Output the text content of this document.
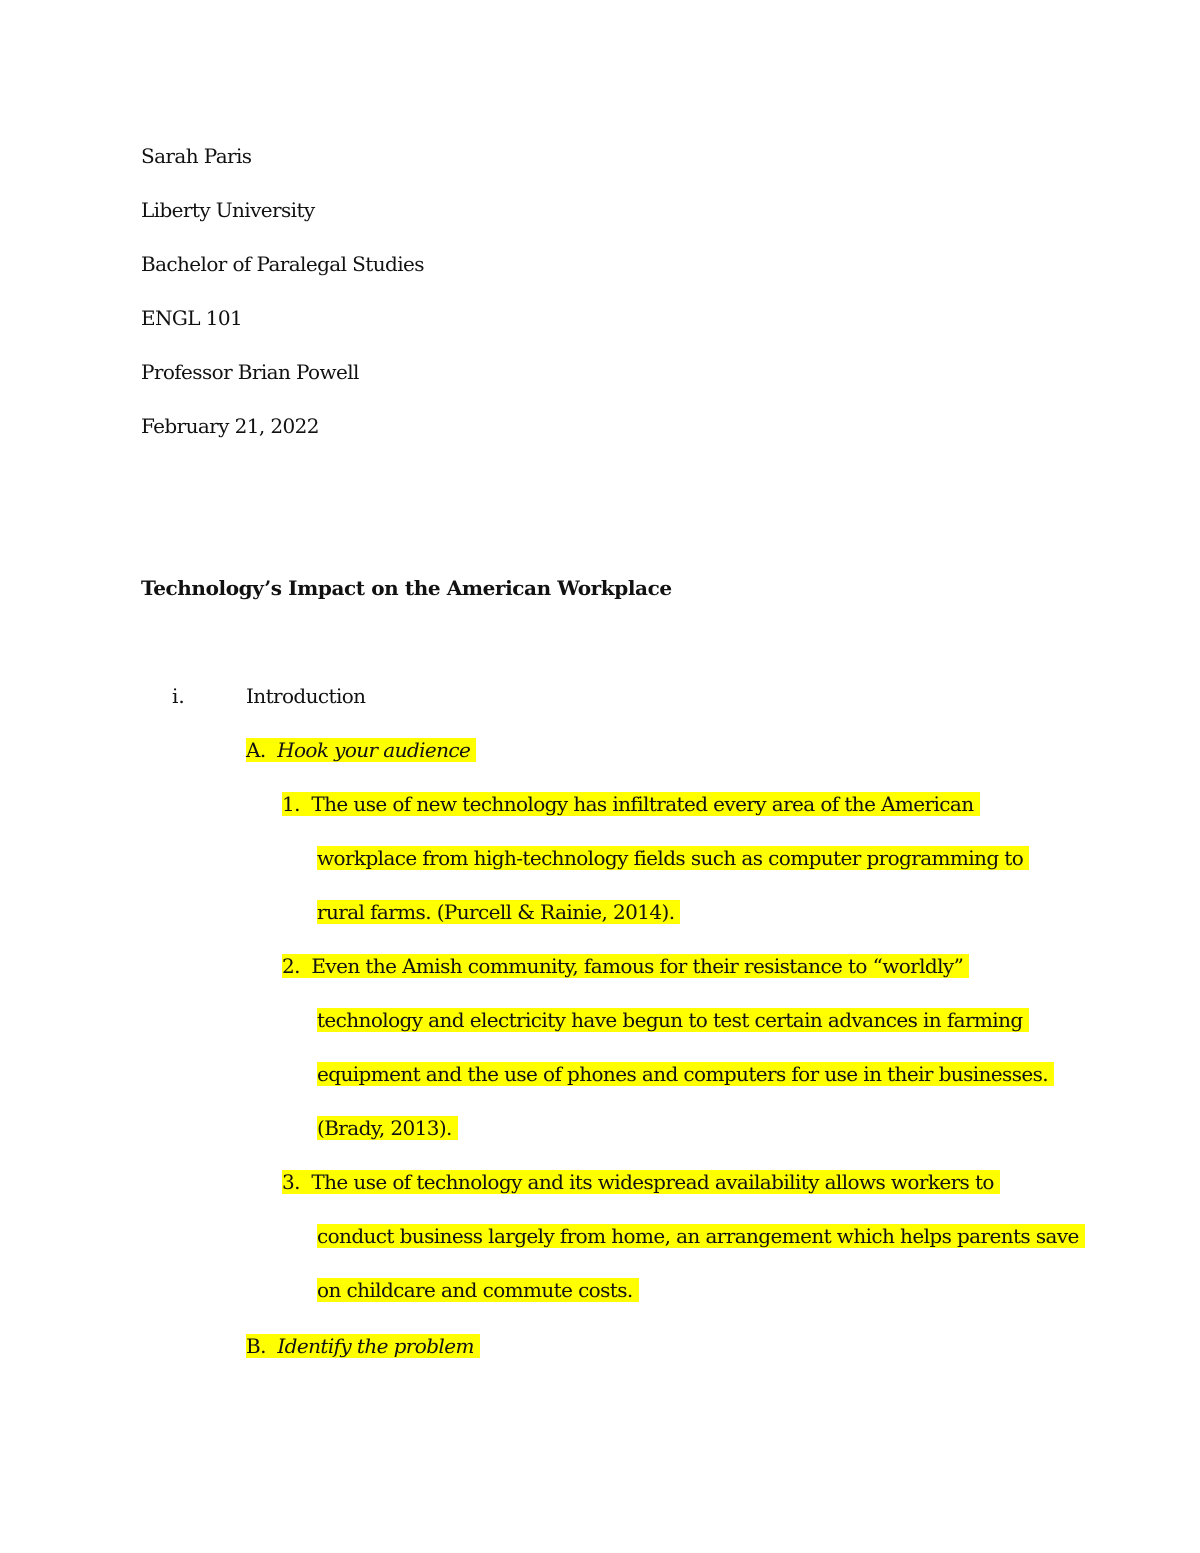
Sarah Paris
Liberty University
Bachelor of Paralegal Studies
ENGL 101
Professor Brian Powell
February 21, 2022
Technology’s Impact on the American Workplace
i.	Introduction
A. Hook your audience
1. The use of new technology has infiltrated every area of the American
workplace from high-technology fields such as computer programming to
rural farms. (Purcell & Rainie, 2014).
2. Even the Amish community, famous for their resistance to “worldly”
technology and electricity have begun to test certain advances in farming
equipment and the use of phones and computers for use in their businesses.
(Brady, 2013).
3. The use of technology and its widespread availability allows workers to
conduct business largely from home, an arrangement which helps parents save
on childcare and commute costs.
B. Identify the problem
